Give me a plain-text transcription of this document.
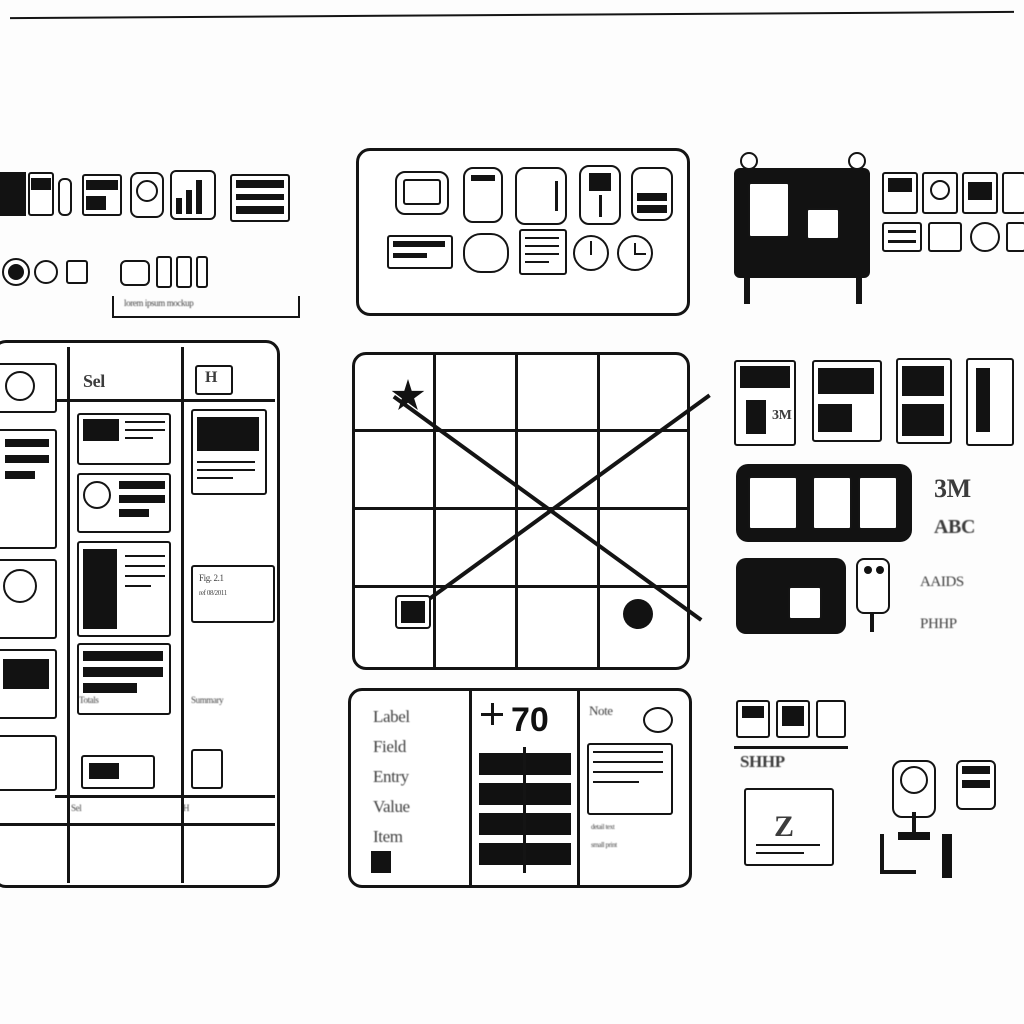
lorem ipsum mockup
Sel	H
Fig. 2.1
ref 08/2011
Totals	Summary
Sel	H
3M
3M
ABC
AAIDS
PHHP
Label
Field
Entry
Value
Item
70	Note
detail text
small print
SHHP
Z
